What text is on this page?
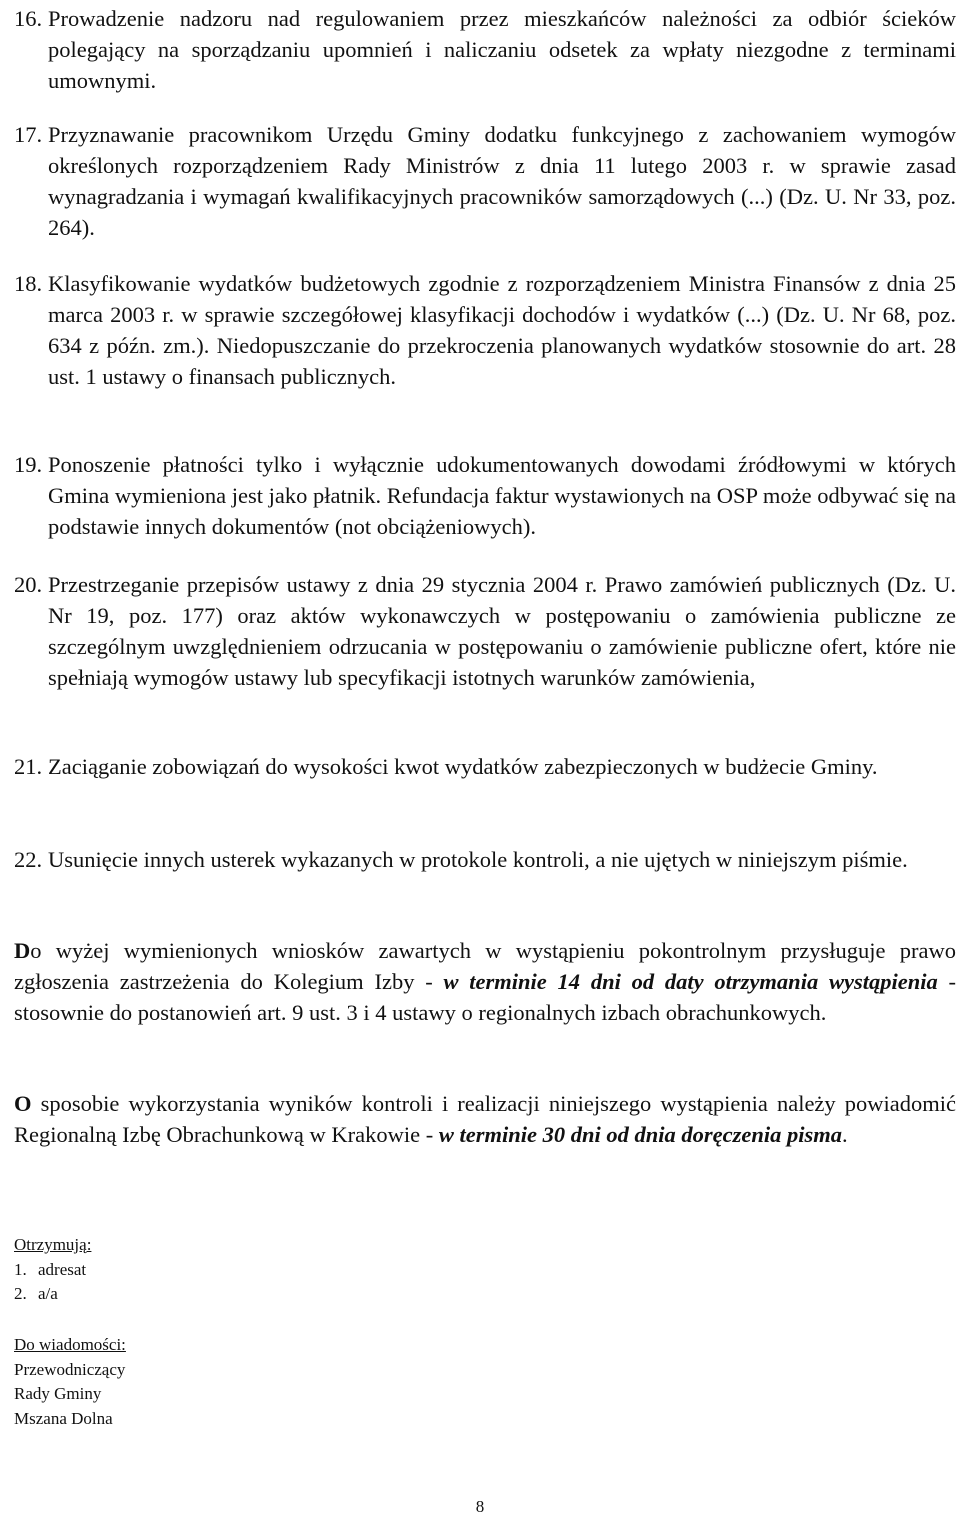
16. Prowadzenie nadzoru nad regulowaniem przez mieszkańców należności za odbiór ścieków polegający na sporządzaniu upomnień i naliczaniu odsetek za wpłaty niezgodne z terminami umownymi.
17. Przyznawanie pracownikom Urzędu Gminy dodatku funkcyjnego z zachowaniem wymogów określonych rozporządzeniem Rady Ministrów z dnia 11 lutego 2003 r. w sprawie zasad wynagradzania i wymagań kwalifikacyjnych pracowników samorządowych (...) (Dz. U. Nr 33, poz. 264).
18. Klasyfikowanie wydatków budżetowych zgodnie z rozporządzeniem Ministra Finansów z dnia 25 marca 2003 r. w sprawie szczegółowej klasyfikacji dochodów i wydatków (...) (Dz. U. Nr 68, poz. 634 z późn. zm.). Niedopuszczanie do przekroczenia planowanych wydatków stosownie do art. 28 ust. 1 ustawy o finansach publicznych.
19. Ponoszenie płatności tylko i wyłącznie udokumentowanych dowodami źródłowymi w których Gmina wymieniona jest jako płatnik. Refundacja faktur wystawionych na OSP może odbywać się na podstawie innych dokumentów (not obciążeniowych).
20. Przestrzeganie przepisów ustawy z dnia 29 stycznia 2004 r. Prawo zamówień publicznych (Dz. U. Nr 19, poz. 177) oraz aktów wykonawczych w postępowaniu o zamówienia publiczne ze szczególnym uwzględnieniem odrzucania w postępowaniu o zamówienie publiczne ofert, które nie spełniają wymogów ustawy lub specyfikacji istotnych warunków zamówienia,
21. Zaciąganie zobowiązań do wysokości kwot wydatków zabezpieczonych w budżecie Gminy.
22. Usunięcie innych usterek wykazanych w protokole kontroli, a nie ujętych w niniejszym piśmie.
Do wyżej wymienionych wniosków zawartych w wystąpieniu pokontrolnym przysługuje prawo zgłoszenia zastrzeżenia do Kolegium Izby - w terminie 14 dni od daty otrzymania wystąpienia - stosownie do postanowień art. 9 ust. 3 i 4 ustawy o regionalnych izbach obrachunkowych.
O sposobie wykorzystania wyników kontroli i realizacji niniejszego wystąpienia należy powiadomić Regionalną Izbę Obrachunkową w Krakowie - w terminie 30 dni od dnia doręczenia pisma.
Otrzymują:
1. adresat
2. a/a
Do wiadomości:
Przewodniczący
Rady Gminy
Mszana Dolna
8
